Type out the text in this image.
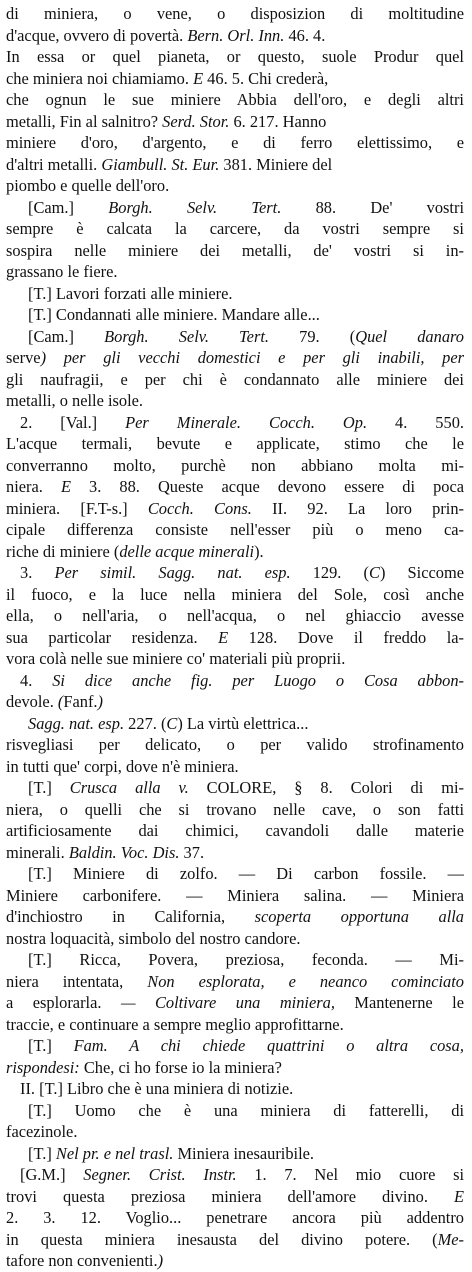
di miniera, o vene, o disposizion di moltitudine
d'acque, ovvero di povertà. Bern. Orl. Inn. 46. 4.
In essa or quel pianeta, or questo, suole Produr quel
che miniera noi chiamiamo. E 46. 5. Chi crederà,
che ognun le sue miniere Abbia dell'oro, e degli altri
metalli, Fin al salnitro? Serd. Stor. 6. 217. Hanno
miniere d'oro, d'argento, e di ferro elettissimo, e
d'altri metalli. Giambull. St. Eur. 381. Miniere del
piombo e quelle dell'oro.
[Cam.] Borgh. Selv. Tert. 88. De' vostri
sempre è calcata la carcere, da vostri sempre si
sospira nelle miniere dei metalli, de' vostri si in-
grassano le fiere.
[T.] Lavori forzati alle miniere.
[T.] Condannati alle miniere. Mandare alle...
[Cam.] Borgh. Selv. Tert. 79. (Quel danaro
serve) per gli vecchi domestici e per gli inabili, per
gli naufragii, e per chi è condannato alle miniere dei
metalli, o nelle isole.
2. [Val.] Per Minerale. Cocch. Op. 4. 550.
L'acque termali, bevute e applicate, stimo che le
converranno molto, purchè non abbiano molta mi-
niera. E 3. 88. Queste acque devono essere di poca
miniera. [F.T-s.] Cocch. Cons. II. 92. La loro prin-
cipale differenza consiste nell'esser più o meno ca-
riche di miniere (delle acque minerali).
3. Per simil. Sagg. nat. esp. 129. (C) Siccome
il fuoco, e la luce nella miniera del Sole, così anche
ella, o nell'aria, o nell'acqua, o nel ghiaccio avesse
sua particolar residenza. E 128. Dove il freddo la-
vora colà nelle sue miniere co' materiali più proprii.
4. Si dice anche fig. per Luogo o Cosa abbon-
devole. (Fanf.)
Sagg. nat. esp. 227. (C) La virtù elettrica...
risvegliasi per delicato, o per valido strofinamento
in tutti que' corpi, dove n'è miniera.
[T.] Crusca alla v. COLORE, § 8. Colori di mi-
niera, o quelli che si trovano nelle cave, o son fatti
artificiosamente dai chimici, cavandoli dalle materie
minerali. Baldin. Voc. Dis. 37.
[T.] Miniere di zolfo. — Di carbon fossile. —
Miniere carbonifere. — Miniera salina. — Miniera
d'inchiostro in California, scoperta opportuna alla
nostra loquacità, simbolo del nostro candore.
[T.] Ricca, Povera, preziosa, feconda. — Mi-
niera intentata, Non esplorata, e neanco cominciato
a esplorarla. — Coltivare una miniera, Mantenerne le
traccie, e continuare a sempre meglio approfittarne.
[T.] Fam. A chi chiede quattrini o altra cosa,
rispondesi: Che, ci ho forse io la miniera?
II. [T.] Libro che è una miniera di notizie.
[T.] Uomo che è una miniera di fatterelli, di
facezinole.
[T.] Nel pr. e nel trasl. Miniera inesauribile.
[G.M.] Segner. Crist. Instr. 1. 7. Nel mio cuore si
trovi questa preziosa miniera dell'amore divino. E
2. 3. 12. Voglio... penetrare ancora più addentro
in questa miniera inesausta del divino potere. (Me-
tafore non convenienti.)
